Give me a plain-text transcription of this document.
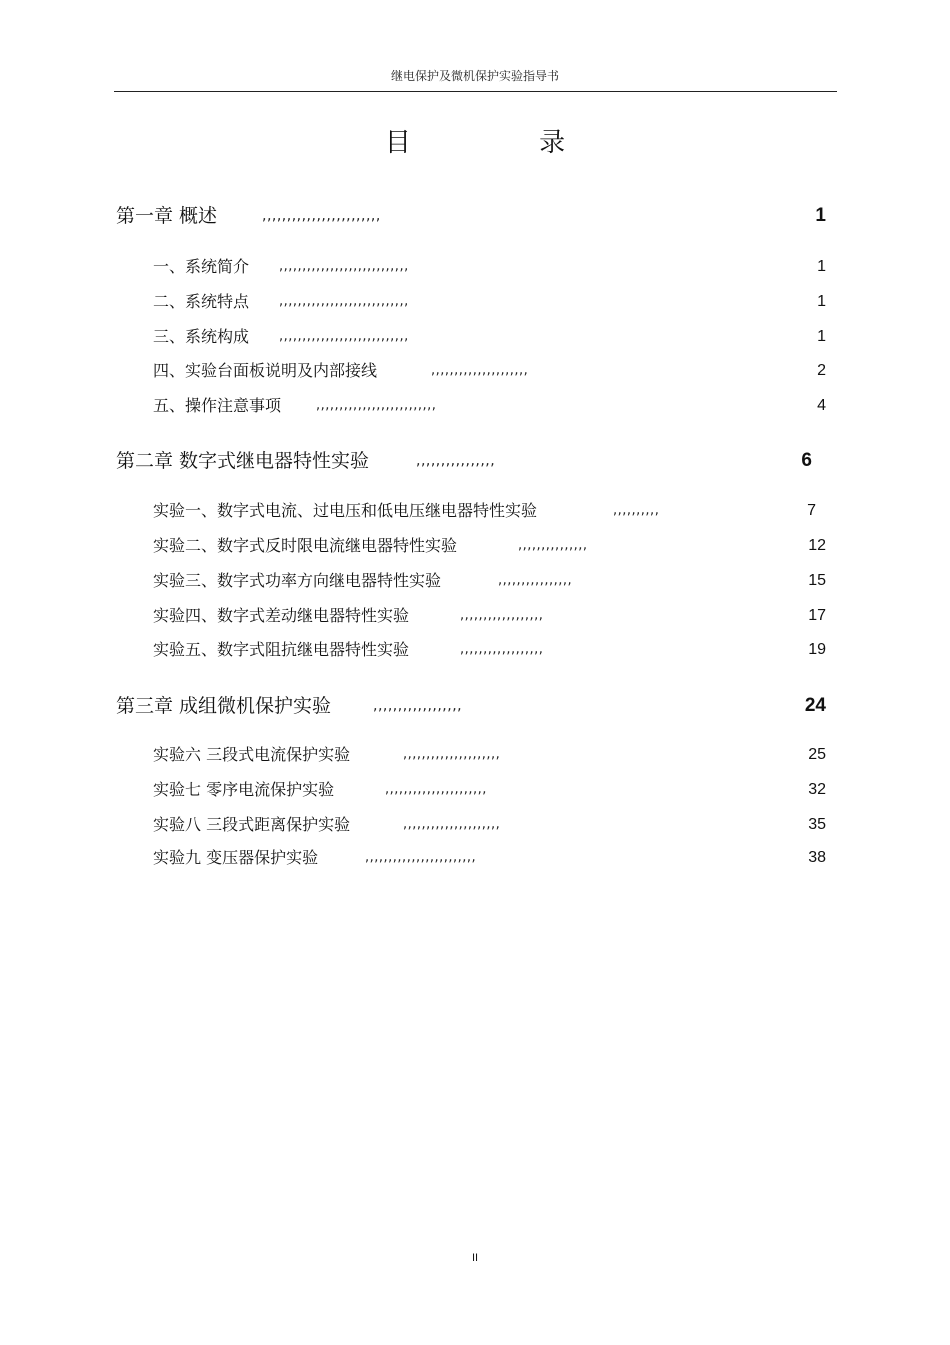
继电保护及微机保护实验指导书
目 录
第一章 概述	,,,,,,,,,,,,,,,,,,,,,,,,	1
一、系统简介 ,,,,,,,,,,,,,,,,,,,,,,,,,,,,	1
二、系统特点 ,,,,,,,,,,,,,,,,,,,,,,,,,,,,	1
三、系统构成 ,,,,,,,,,,,,,,,,,,,,,,,,,,,,	1
四、实验台面板说明及内部接线	,,,,,,,,,,,,,,,,,,,,,	2
五、操作注意事项	,,,,,,,,,,,,,,,,,,,,,,,,,,	4
第二章 数字式继电器特性实验	,,,,,,,,,,,,,,,,	6
实验一、数字式电流、过电压和低电压继电器特性实验	,,,,,,,,,,	7
实验二、数字式反时限电流继电器特性实验	,,,,,,,,,,,,,,,	12
实验三、数字式功率方向继电器特性实验	,,,,,,,,,,,,,,,,	15
实验四、数字式差动继电器特性实验	,,,,,,,,,,,,,,,,,,	17
实验五、数字式阻抗继电器特性实验	,,,,,,,,,,,,,,,,,,	19
第三章 成组微机保护实验	,,,,,,,,,,,,,,,,,,	24
实验六 三段式电流保护实验	,,,,,,,,,,,,,,,,,,,,,	25
实验七 零序电流保护实验	,,,,,,,,,,,,,,,,,,,,,,	32
实验八 三段式距离保护实验	,,,,,,,,,,,,,,,,,,,,,	35
实验九 变压器保护实验	,,,,,,,,,,,,,,,,,,,,,,,,	38
II
